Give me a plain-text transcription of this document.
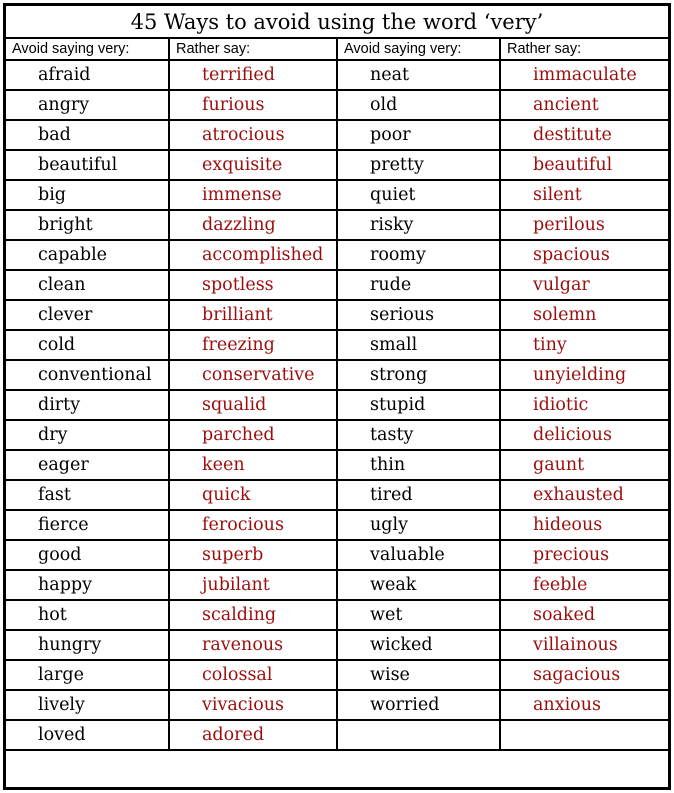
45 Ways to avoid using the word ‘very’
Avoid saying very:	Rather say:	Avoid saying very:	Rather say:
afraid	terrified	neat	immaculate
angry	furious	old	ancient
bad	atrocious	poor	destitute
beautiful	exquisite	pretty	beautiful
big	immense	quiet	silent
bright	dazzling	risky	perilous
capable	accomplished	roomy	spacious
clean	spotless	rude	vulgar
clever	brilliant	serious	solemn
cold	freezing	small	tiny
conventional	conservative	strong	unyielding
dirty	squalid	stupid	idiotic
dry	parched	tasty	delicious
eager	keen	thin	gaunt
fast	quick	tired	exhausted
fierce	ferocious	ugly	hideous
good	superb	valuable	precious
happy	jubilant	weak	feeble
hot	scalding	wet	soaked
hungry	ravenous	wicked	villainous
large	colossal	wise	sagacious
lively	vivacious	worried	anxious
loved	adored		
